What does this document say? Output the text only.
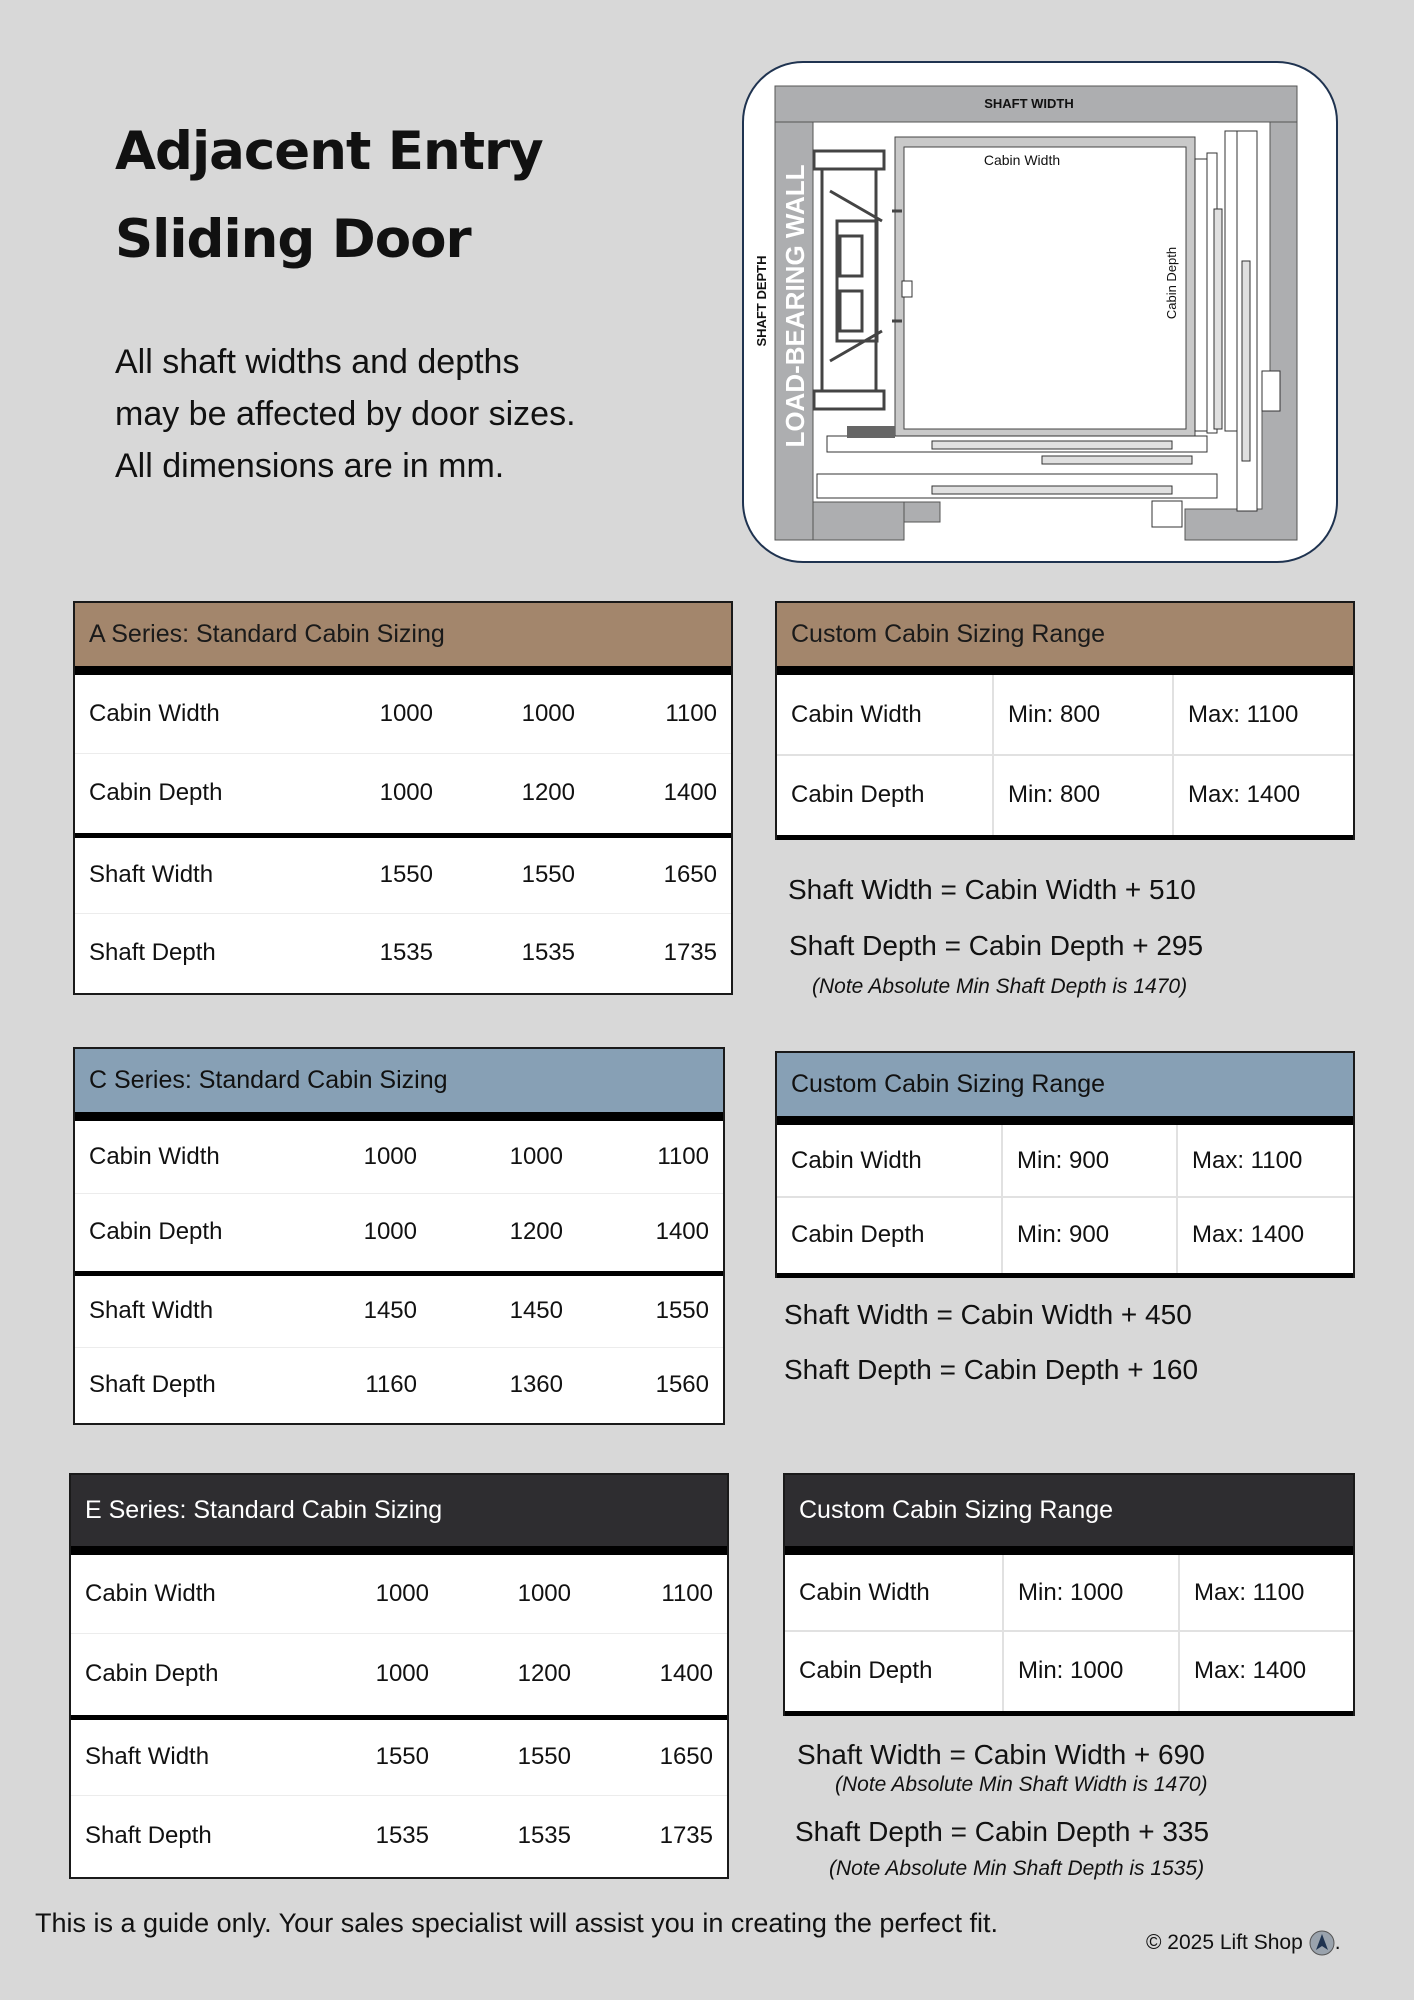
Adjacent Entry
Sliding Door
All shaft widths and depths
may be affected by door sizes.
All dimensions are in mm.
SHAFT WIDTH
Cabin Width
SHAFT DEPTH	Cabin Depth
LOAD-BEARING WALL
A Series: Standard Cabin Sizing
Cabin Width	1000	1000	1100
Cabin Depth	1000	1200	1400
Shaft Width	1550	1550	1650
Shaft Depth	1535	1535	1735
Custom Cabin Sizing Range
Cabin Width	Min: 800	Max: 1100
Cabin Depth	Min: 800	Max: 1400
Shaft Width = Cabin Width + 510
Shaft Depth = Cabin Depth + 295
(Note Absolute Min Shaft Depth is 1470)
C Series: Standard Cabin Sizing
Cabin Width	1000	1000	1100
Cabin Depth	1000	1200	1400
Shaft Width	1450	1450	1550
Shaft Depth	1160	1360	1560
Custom Cabin Sizing Range
Cabin Width	Min: 900	Max: 1100
Cabin Depth	Min: 900	Max: 1400
Shaft Width = Cabin Width + 450
Shaft Depth = Cabin Depth + 160
E Series: Standard Cabin Sizing
Cabin Width	1000	1000	1100
Cabin Depth	1000	1200	1400
Shaft Width	1550	1550	1650
Shaft Depth	1535	1535	1735
Custom Cabin Sizing Range
Cabin Width	Min: 1000	Max: 1100
Cabin Depth	Min: 1000	Max: 1400
Shaft Width = Cabin Width + 690
(Note Absolute Min Shaft Width is 1470)
Shaft Depth = Cabin Depth + 335
(Note Absolute Min Shaft Depth is 1535)
This is a guide only. Your sales specialist will assist you in creating the perfect fit.
© 2025 Lift Shop .
